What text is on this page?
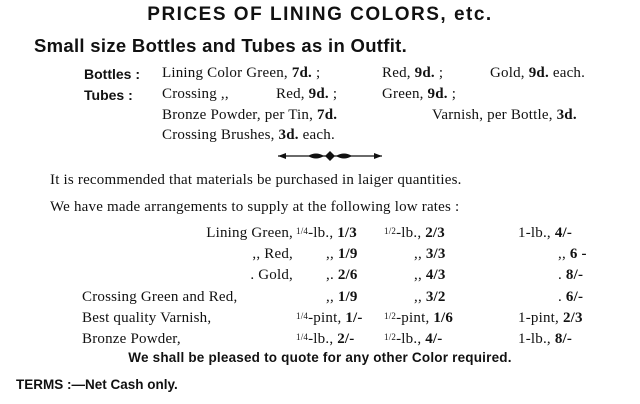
PRICES OF LINING COLORS, etc.
Small size Bottles and Tubes as in Outfit.
Bottles : Lining Color Green, 7d. ;	Red, 9d. ;	Gold, 9d. each.
Tubes : Crossing ,,	Red, 9d. ;	Green, 9d. ;
Bronze Powder, per Tin, 7d.	Varnish, per Bottle, 3d.
Crossing Brushes, 3d. each.
It is recommended that materials be purchased in laiger quantities.
We have made arrangements to supply at the following low rates :
Lining Green, $^{1/4}$-lb., 1/3	$^{1/2}$-lb., 2/3	1-lb., 4/-
,, Red, ,, 1/9	,, 3/3	,, 6 -
. Gold, ,. 2/6	,, 4/3	. 8/-
Crossing Green and Red,	,, 1/9	,, 3/2	. 6/-
Best quality Varnish,	$^{1/4}$-pint, 1/- $^{1/2}$-pint, 1/6	1-pint, 2/3
Bronze Powder,	$^{1/4}$-lb., 2/-	$^{1/2}$-lb., 4/-	1-lb., 8/-
We shall be pleased to quote for any other Color required.
TERMS :—Net Cash only.
